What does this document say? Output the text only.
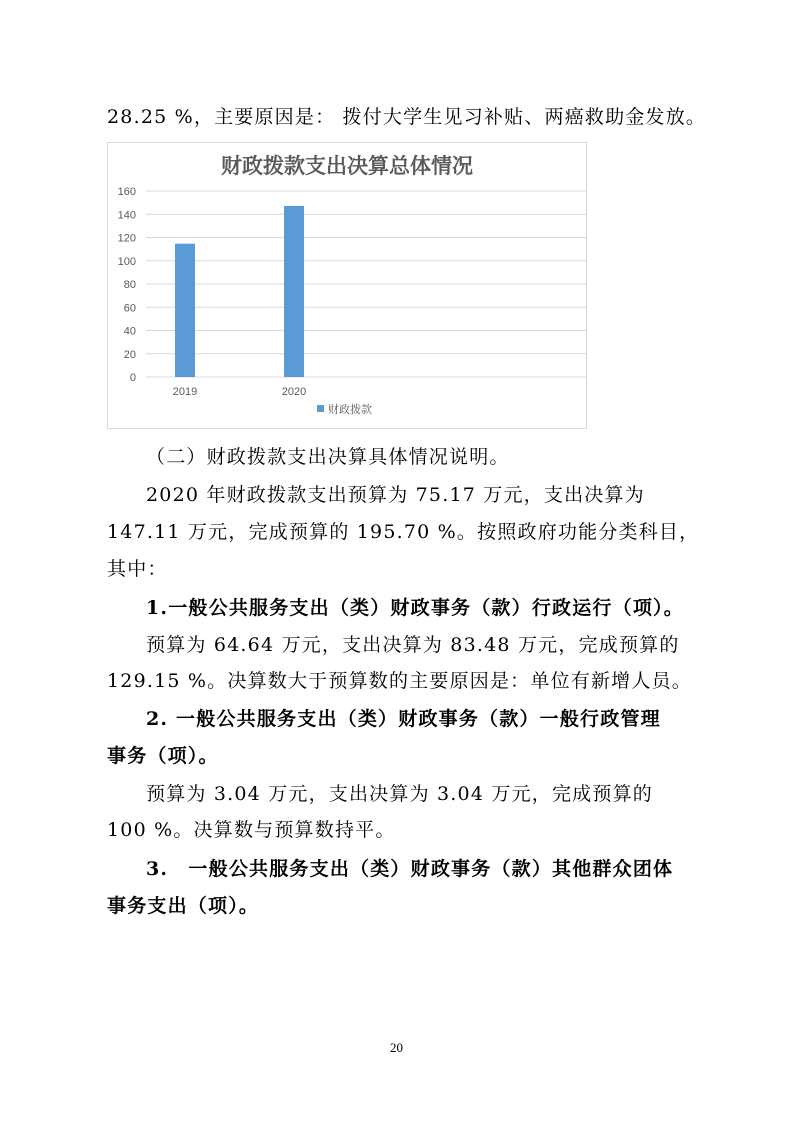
28.25 %，主要原因是： 拨付大学生见习补贴、两癌救助金发放。
财政拨款支出决算总体情况
0
20
40
60
80
100
120
140
160
2019	2020
财政拨款
（二）财政拨款支出决算具体情况说明。
2020 年财政拨款支出预算为 75.17 万元，支出决算为
147.11 万元，完成预算的 195.70 %。按照政府功能分类科目，
其中：
1.一般公共服务支出（类）财政事务（款）行政运行（项）。
预算为 64.64 万元，支出决算为 83.48 万元，完成预算的
129.15 %。决算数大于预算数的主要原因是：单位有新增人员。
2. 一般公共服务支出（类）财政事务（款）一般行政管理
事务（项）。
预算为 3.04 万元，支出决算为 3.04 万元，完成预算的
100 %。决算数与预算数持平。
3.　一般公共服务支出（类）财政事务（款）其他群众团体
事务支出（项）。
20
